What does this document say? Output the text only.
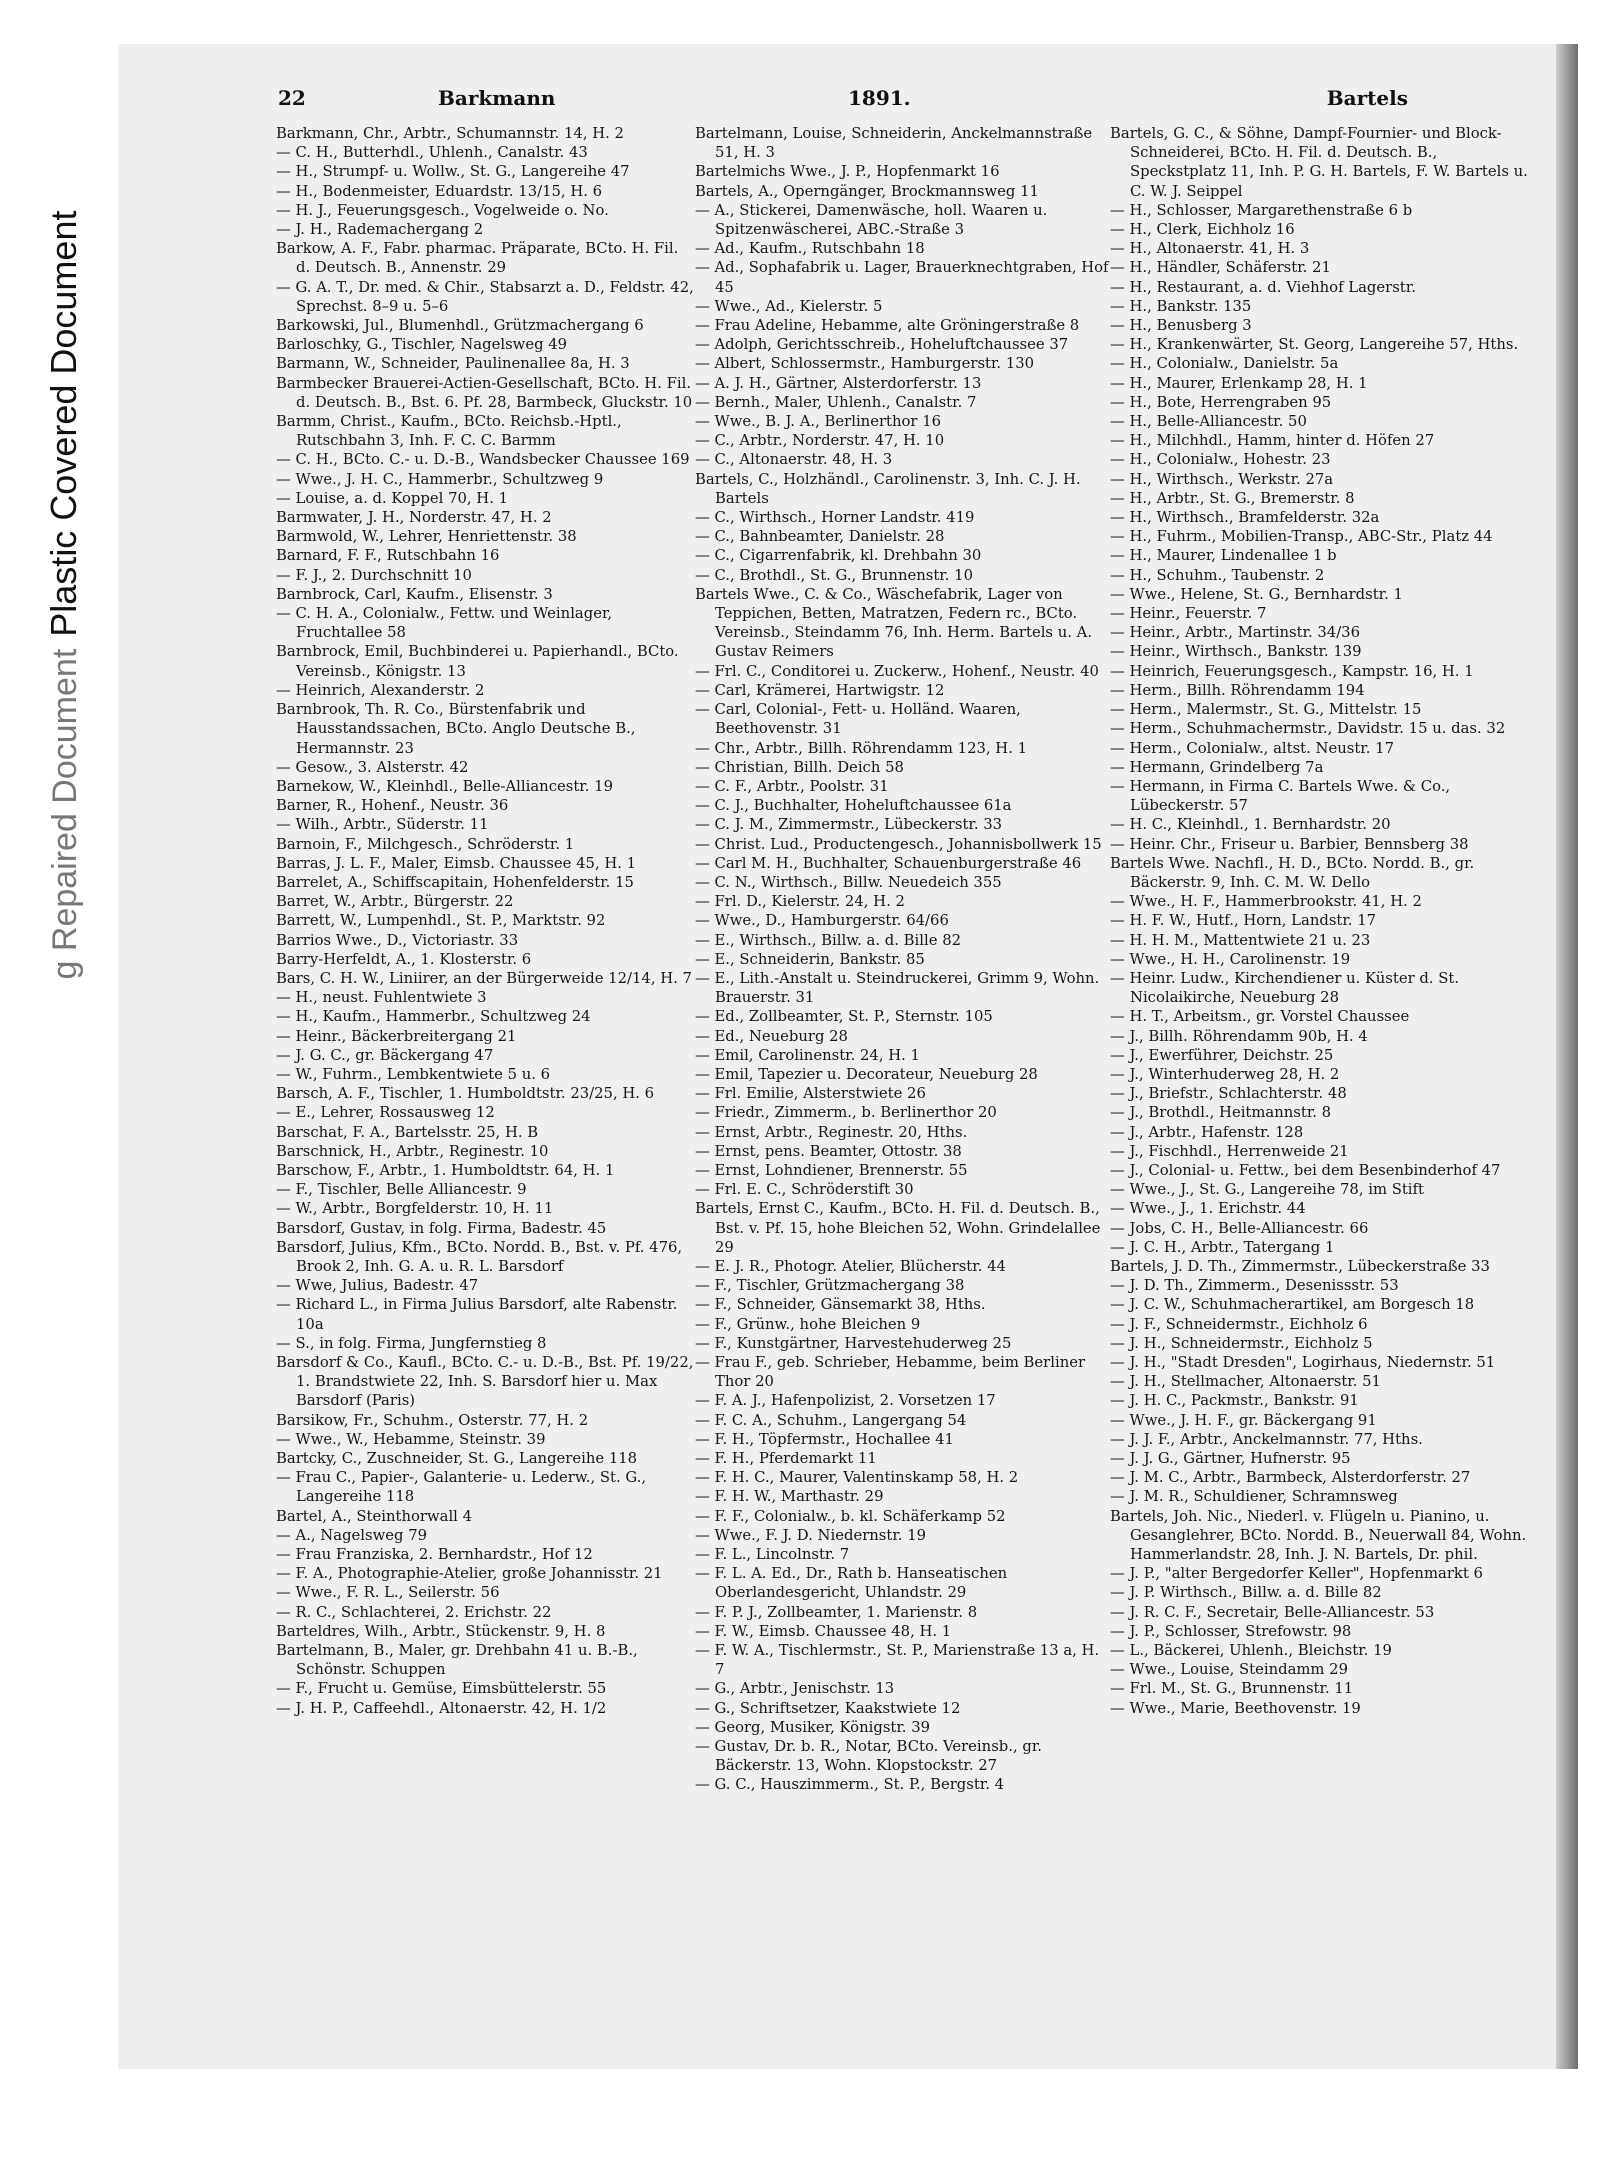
g Repaired DocumentPlastic Covered Document
22	Barkmann	1891.	Bartels

Barkmann, Chr., Arbtr., Schumannstr. 14, H. 2

— C. H., Butterhdl., Uhlenh., Canalstr. 43

— H., Strumpf- u. Wollw., St. G., Langereihe 47

— H., Bodenmeister, Eduardstr. 13/15, H. 6

— H. J., Feuerungsgesch., Vogelweide o. No.

— J. H., Rademachergang 2

Barkow, A. F., Fabr. pharmac. Präparate, BCto. H. Fil. d. Deutsch. B., Annenstr. 29

— G. A. T., Dr. med. & Chir., Stabsarzt a. D., Feldstr. 42, Sprechst. 8–9 u. 5–6

Barkowski, Jul., Blumenhdl., Grützmachergang 6

Barloschky, G., Tischler, Nagelsweg 49

Barmann, W., Schneider, Paulinenallee 8a, H. 3

Barmbecker Brauerei-Actien-Gesellschaft, BCto. H. Fil. d. Deutsch. B., Bst. 6. Pf. 28, Barmbeck, Gluckstr. 10

Barmm, Christ., Kaufm., BCto. Reichsb.-Hptl., Rutschbahn 3, Inh. F. C. C. Barmm

— C. H., BCto. C.- u. D.-B., Wandsbecker Chaussee 169

— Wwe., J. H. C., Hammerbr., Schultzweg 9

— Louise, a. d. Koppel 70, H. 1

Barmwater, J. H., Norderstr. 47, H. 2

Barmwold, W., Lehrer, Henriettenstr. 38

Barnard, F. F., Rutschbahn 16

— F. J., 2. Durchschnitt 10

Barnbrock, Carl, Kaufm., Elisenstr. 3

— C. H. A., Colonialw., Fettw. und Weinlager, Fruchtallee 58

Barnbrock, Emil, Buchbinderei u. Papierhandl., BCto. Vereinsb., Königstr. 13

— Heinrich, Alexanderstr. 2

Barnbrook, Th. R. Co., Bürstenfabrik und Hausstandssachen, BCto. Anglo Deutsche B., Hermannstr. 23

— Gesow., 3. Alsterstr. 42

Barnekow, W., Kleinhdl., Belle-Alliancestr. 19

Barner, R., Hohenf., Neustr. 36

— Wilh., Arbtr., Süderstr. 11

Barnoin, F., Milchgesch., Schröderstr. 1

Barras, J. L. F., Maler, Eimsb. Chaussee 45, H. 1

Barrelet, A., Schiffscapitain, Hohenfelderstr. 15

Barret, W., Arbtr., Bürgerstr. 22

Barrett, W., Lumpenhdl., St. P., Marktstr. 92

Barrios Wwe., D., Victoriastr. 33

Barry-Herfeldt, A., 1. Klosterstr. 6

Bars, C. H. W., Liniirer, an der Bürgerweide 12/14, H. 7

— H., neust. Fuhlentwiete 3

— H., Kaufm., Hammerbr., Schultzweg 24

— Heinr., Bäckerbreitergang 21

— J. G. C., gr. Bäckergang 47

— W., Fuhrm., Lembkentwiete 5 u. 6

Barsch, A. F., Tischler, 1. Humboldtstr. 23/25, H. 6

— E., Lehrer, Rossausweg 12

Barschat, F. A., Bartelsstr. 25, H. B

Barschnick, H., Arbtr., Reginestr. 10

Barschow, F., Arbtr., 1. Humboldtstr. 64, H. 1

— F., Tischler, Belle Alliancestr. 9

— W., Arbtr., Borgfelderstr. 10, H. 11

Barsdorf, Gustav, in folg. Firma, Badestr. 45

Barsdorf, Julius, Kfm., BCto. Nordd. B., Bst. v. Pf. 476, Brook 2, Inh. G. A. u. R. L. Barsdorf

— Wwe, Julius, Badestr. 47

— Richard L., in Firma Julius Barsdorf, alte Rabenstr. 10a

— S., in folg. Firma, Jungfernstieg 8

Barsdorf & Co., Kaufl., BCto. C.- u. D.-B., Bst. Pf. 19/22, 1. Brandstwiete 22, Inh. S. Barsdorf hier u. Max Barsdorf (Paris)

Barsikow, Fr., Schuhm., Osterstr. 77, H. 2

— Wwe., W., Hebamme, Steinstr. 39

Bartcky, C., Zuschneider, St. G., Langereihe 118

— Frau C., Papier-, Galanterie- u. Lederw., St. G., Langereihe 118

Bartel, A., Steinthorwall 4

— A., Nagelsweg 79

— Frau Franziska, 2. Bernhardstr., Hof 12

— F. A., Photographie-Atelier, große Johannisstr. 21

— Wwe., F. R. L., Seilerstr. 56

— R. C., Schlachterei, 2. Erichstr. 22

Barteldres, Wilh., Arbtr., Stückenstr. 9, H. 8

Bartelmann, B., Maler, gr. Drehbahn 41 u. B.-B., Schönstr. Schuppen

— F., Frucht u. Gemüse, Eimsbüttelerstr. 55

— J. H. P., Caffeehdl., Altonaerstr. 42, H. 1/2

Bartelmann, Louise, Schneiderin, Anckelmannstraße 51, H. 3

Bartelmichs Wwe., J. P., Hopfenmarkt 16

Bartels, A., Operngänger, Brockmannsweg 11

— A., Stickerei, Damenwäsche, holl. Waaren u. Spitzenwäscherei, ABC.-Straße 3

— Ad., Kaufm., Rutschbahn 18

— Ad., Sophafabrik u. Lager, Brauerknechtgraben, Hof 45

— Wwe., Ad., Kielerstr. 5

— Frau Adeline, Hebamme, alte Gröningerstraße 8

— Adolph, Gerichtsschreib., Hoheluftchaussee 37

— Albert, Schlossermstr., Hamburgerstr. 130

— A. J. H., Gärtner, Alsterdorferstr. 13

— Bernh., Maler, Uhlenh., Canalstr. 7

— Wwe., B. J. A., Berlinerthor 16

— C., Arbtr., Norderstr. 47, H. 10

— C., Altonaerstr. 48, H. 3

Bartels, C., Holzhändl., Carolinenstr. 3, Inh. C. J. H. Bartels

— C., Wirthsch., Horner Landstr. 419

— C., Bahnbeamter, Danielstr. 28

— C., Cigarrenfabrik, kl. Drehbahn 30

— C., Brothdl., St. G., Brunnenstr. 10

Bartels Wwe., C. & Co., Wäschefabrik, Lager von Teppichen, Betten, Matratzen, Federn rc., BCto. Vereinsb., Steindamm 76, Inh. Herm. Bartels u. A. Gustav Reimers

— Frl. C., Conditorei u. Zuckerw., Hohenf., Neustr. 40

— Carl, Krämerei, Hartwigstr. 12

— Carl, Colonial-, Fett- u. Holländ. Waaren, Beethovenstr. 31

— Chr., Arbtr., Billh. Röhrendamm 123, H. 1

— Christian, Billh. Deich 58

— C. F., Arbtr., Poolstr. 31

— C. J., Buchhalter, Hoheluftchaussee 61a

— C. J. M., Zimmermstr., Lübeckerstr. 33

— Christ. Lud., Productengesch., Johannisbollwerk 15

— Carl M. H., Buchhalter, Schauenburgerstraße 46

— C. N., Wirthsch., Billw. Neuedeich 355

— Frl. D., Kielerstr. 24, H. 2

— Wwe., D., Hamburgerstr. 64/66

— E., Wirthsch., Billw. a. d. Bille 82

— E., Schneiderin, Bankstr. 85

— E., Lith.-Anstalt u. Steindruckerei, Grimm 9, Wohn. Brauerstr. 31

— Ed., Zollbeamter, St. P., Sternstr. 105

— Ed., Neueburg 28

— Emil, Carolinenstr. 24, H. 1

— Emil, Tapezier u. Decorateur, Neueburg 28

— Frl. Emilie, Alsterstwiete 26

— Friedr., Zimmerm., b. Berlinerthor 20

— Ernst, Arbtr., Reginestr. 20, Hths.

— Ernst, pens. Beamter, Ottostr. 38

— Ernst, Lohndiener, Brennerstr. 55

— Frl. E. C., Schröderstift 30

Bartels, Ernst C., Kaufm., BCto. H. Fil. d. Deutsch. B., Bst. v. Pf. 15, hohe Bleichen 52, Wohn. Grindelallee 29

— E. J. R., Photogr. Atelier, Blücherstr. 44

— F., Tischler, Grützmachergang 38

— F., Schneider, Gänsemarkt 38, Hths.

— F., Grünw., hohe Bleichen 9

— F., Kunstgärtner, Harvestehuderweg 25

— Frau F., geb. Schrieber, Hebamme, beim Berliner Thor 20

— F. A. J., Hafenpolizist, 2. Vorsetzen 17

— F. C. A., Schuhm., Langergang 54

— F. H., Töpfermstr., Hochallee 41

— F. H., Pferdemarkt 11

— F. H. C., Maurer, Valentinskamp 58, H. 2

— F. H. W., Marthastr. 29

— F. F., Colonialw., b. kl. Schäferkamp 52

— Wwe., F. J. D. Niedernstr. 19

— F. L., Lincolnstr. 7

— F. L. A. Ed., Dr., Rath b. Hanseatischen Oberlandesgericht, Uhlandstr. 29

— F. P. J., Zollbeamter, 1. Marienstr. 8

— F. W., Eimsb. Chaussee 48, H. 1

— F. W. A., Tischlermstr., St. P., Marienstraße 13 a, H. 7

— G., Arbtr., Jenischstr. 13

— G., Schriftsetzer, Kaakstwiete 12

— Georg, Musiker, Königstr. 39

— Gustav, Dr. b. R., Notar, BCto. Vereinsb., gr. Bäckerstr. 13, Wohn. Klopstockstr. 27

— G. C., Hauszimmerm., St. P., Bergstr. 4

Bartels, G. C., & Söhne, Dampf-Fournier- und Block-Schneiderei, BCto. H. Fil. d. Deutsch. B., Speckstplatz 11, Inh. P. G. H. Bartels, F. W. Bartels u. C. W. J. Seippel

— H., Schlosser, Margarethenstraße 6 b

— H., Clerk, Eichholz 16

— H., Altonaerstr. 41, H. 3

— H., Händler, Schäferstr. 21

— H., Restaurant, a. d. Viehhof Lagerstr.

— H., Bankstr. 135

— H., Benusberg 3

— H., Krankenwärter, St. Georg, Langereihe 57, Hths.

— H., Colonialw., Danielstr. 5a

— H., Maurer, Erlenkamp 28, H. 1

— H., Bote, Herrengraben 95

— H., Belle-Alliancestr. 50

— H., Milchhdl., Hamm, hinter d. Höfen 27

— H., Colonialw., Hohestr. 23

— H., Wirthsch., Werkstr. 27a

— H., Arbtr., St. G., Bremerstr. 8

— H., Wirthsch., Bramfelderstr. 32a

— H., Fuhrm., Mobilien-Transp., ABC-Str., Platz 44

— H., Maurer, Lindenallee 1 b

— H., Schuhm., Taubenstr. 2

— Wwe., Helene, St. G., Bernhardstr. 1

— Heinr., Feuerstr. 7

— Heinr., Arbtr., Martinstr. 34/36

— Heinr., Wirthsch., Bankstr. 139

— Heinrich, Feuerungsgesch., Kampstr. 16, H. 1

— Herm., Billh. Röhrendamm 194

— Herm., Malermstr., St. G., Mittelstr. 15

— Herm., Schuhmachermstr., Davidstr. 15 u. das. 32

— Herm., Colonialw., altst. Neustr. 17

— Hermann, Grindelberg 7a

— Hermann, in Firma C. Bartels Wwe. & Co., Lübeckerstr. 57

— H. C., Kleinhdl., 1. Bernhardstr. 20

— Heinr. Chr., Friseur u. Barbier, Bennsberg 38

Bartels Wwe. Nachfl., H. D., BCto. Nordd. B., gr. Bäckerstr. 9, Inh. C. M. W. Dello

— Wwe., H. F., Hammerbrookstr. 41, H. 2

— H. F. W., Hutf., Horn, Landstr. 17

— H. H. M., Mattentwiete 21 u. 23

— Wwe., H. H., Carolinenstr. 19

— Heinr. Ludw., Kirchendiener u. Küster d. St. Nicolaikirche, Neueburg 28

— H. T., Arbeitsm., gr. Vorstel Chaussee

— J., Billh. Röhrendamm 90b, H. 4

— J., Ewerführer, Deichstr. 25

— J., Winterhuderweg 28, H. 2

— J., Briefstr., Schlachterstr. 48

— J., Brothdl., Heitmannstr. 8

— J., Arbtr., Hafenstr. 128

— J., Fischhdl., Herrenweide 21

— J., Colonial- u. Fettw., bei dem Besenbinderhof 47

— Wwe., J., St. G., Langereihe 78, im Stift

— Wwe., J., 1. Erichstr. 44

— Jobs, C. H., Belle-Alliancestr. 66

— J. C. H., Arbtr., Tatergang 1

Bartels, J. D. Th., Zimmermstr., Lübeckerstraße 33

— J. D. Th., Zimmerm., Desenissstr. 53

— J. C. W., Schuhmacherartikel, am Borgesch 18

— J. F., Schneidermstr., Eichholz 6

— J. H., Schneidermstr., Eichholz 5

— J. H., "Stadt Dresden", Logirhaus, Niedernstr. 51

— J. H., Stellmacher, Altonaerstr. 51

— J. H. C., Packmstr., Bankstr. 91

— Wwe., J. H. F., gr. Bäckergang 91

— J. J. F., Arbtr., Anckelmannstr. 77, Hths.

— J. J. G., Gärtner, Hufnerstr. 95

— J. M. C., Arbtr., Barmbeck, Alsterdorferstr. 27

— J. M. R., Schuldiener, Schramnsweg

Bartels, Joh. Nic., Niederl. v. Flügeln u. Pianino, u. Gesanglehrer, BCto. Nordd. B., Neuerwall 84, Wohn. Hammerlandstr. 28, Inh. J. N. Bartels, Dr. phil.

— J. P., "alter Bergedorfer Keller", Hopfenmarkt 6

— J. P. Wirthsch., Billw. a. d. Bille 82

— J. R. C. F., Secretair, Belle-Alliancestr. 53

— J. P., Schlosser, Strefowstr. 98

— L., Bäckerei, Uhlenh., Bleichstr. 19

— Wwe., Louise, Steindamm 29

— Frl. M., St. G., Brunnenstr. 11

— Wwe., Marie, Beethovenstr. 19
